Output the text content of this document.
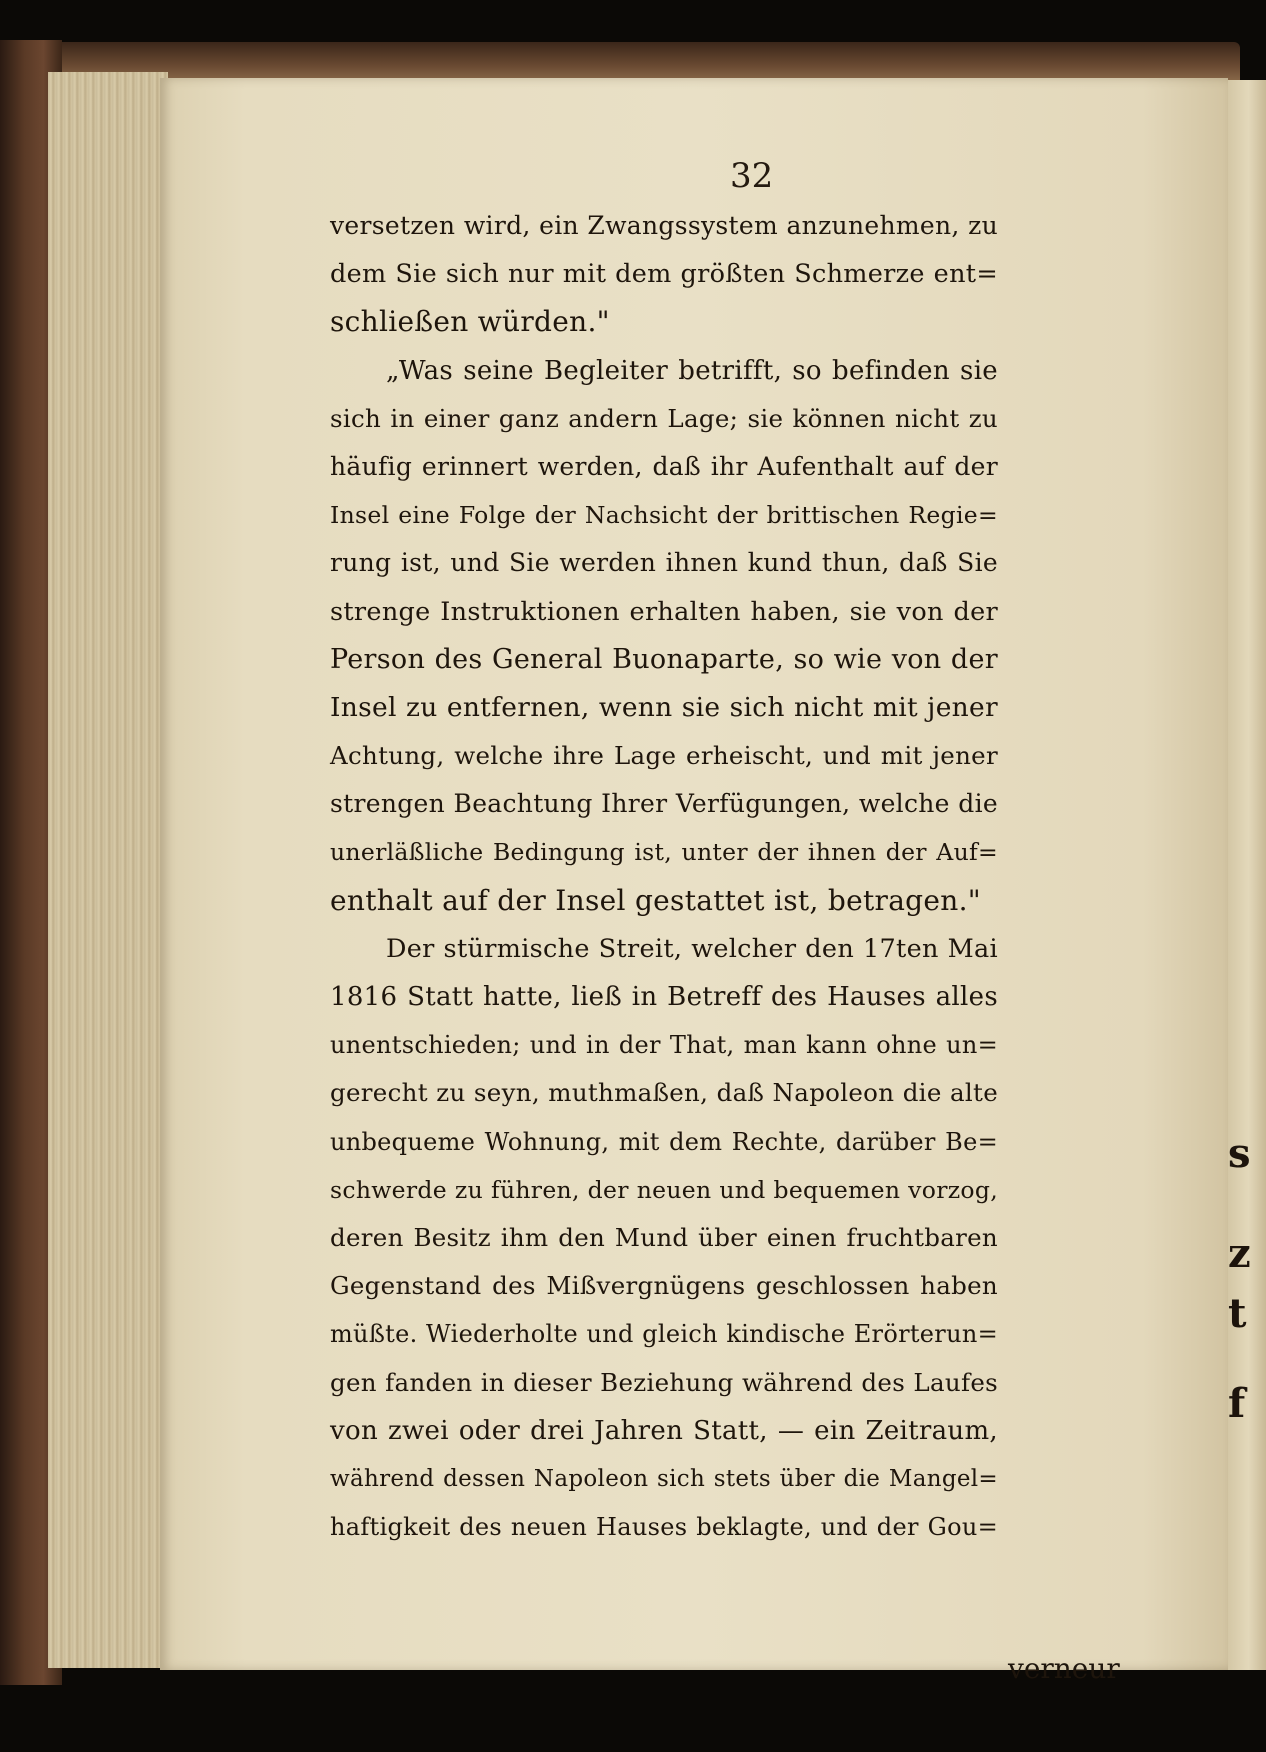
s
z
t
f
32
versetzen wird, ein Zwangssystem anzunehmen, zu
dem Sie sich nur mit dem größten Schmerze ent=
schließen würden."
„Was seine Begleiter betrifft, so befinden sie
sich in einer ganz andern Lage; sie können nicht zu
häufig erinnert werden, daß ihr Aufenthalt auf der
Insel eine Folge der Nachsicht der brittischen Regie=
rung ist, und Sie werden ihnen kund thun, daß Sie
strenge Instruktionen erhalten haben, sie von der
Person des General Buonaparte, so wie von der
Insel zu entfernen, wenn sie sich nicht mit jener
Achtung, welche ihre Lage erheischt, und mit jener
strengen Beachtung Ihrer Verfügungen, welche die
unerläßliche Bedingung ist, unter der ihnen der Auf=
enthalt auf der Insel gestattet ist, betragen."
Der stürmische Streit, welcher den 17ten Mai
1816 Statt hatte, ließ in Betreff des Hauses alles
unentschieden; und in der That, man kann ohne un=
gerecht zu seyn, muthmaßen, daß Napoleon die alte
unbequeme Wohnung, mit dem Rechte, darüber Be=
schwerde zu führen, der neuen und bequemen vorzog,
deren Besitz ihm den Mund über einen fruchtbaren
Gegenstand des Mißvergnügens geschlossen haben
müßte. Wiederholte und gleich kindische Erörterun=
gen fanden in dieser Beziehung während des Laufes
von zwei oder drei Jahren Statt, — ein Zeitraum,
während dessen Napoleon sich stets über die Mangel=
haftigkeit des neuen Hauses beklagte, und der Gou=
verneur
